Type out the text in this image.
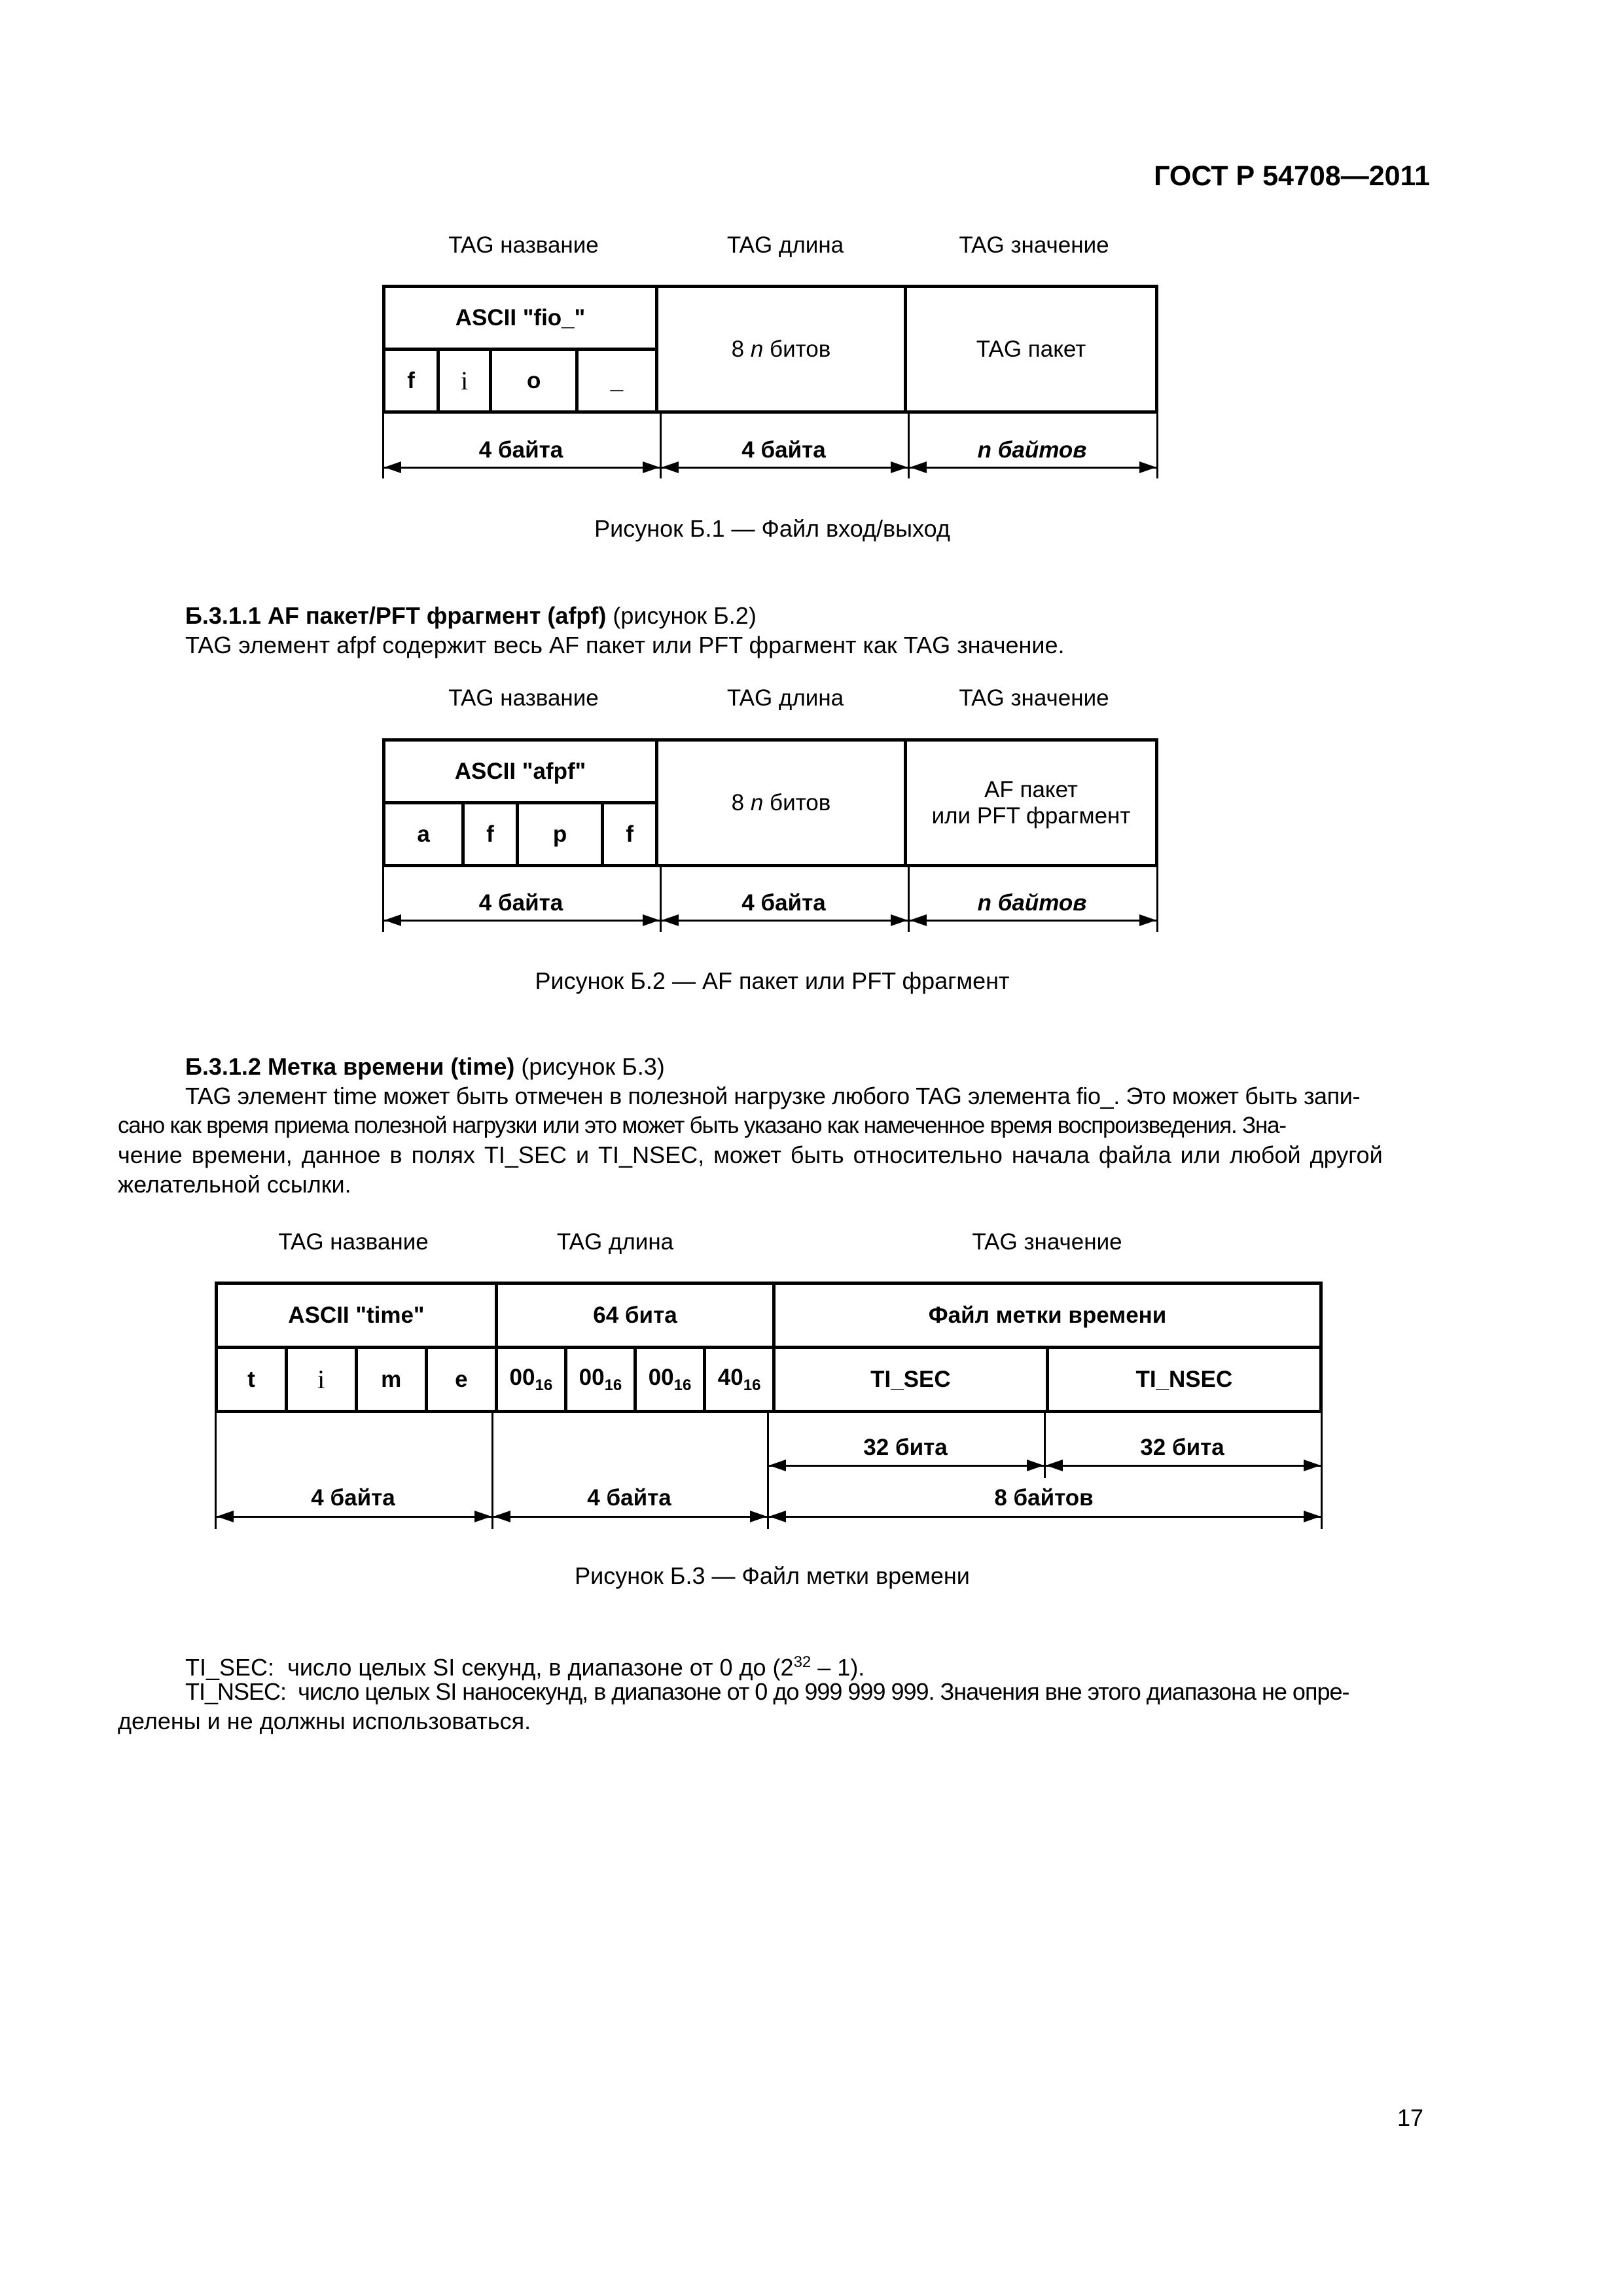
ГОСТ Р 54708—2011
TAG название	TAG длина	TAG значение
ASCII "fio_"				8 n битов	TAG пакет
f	i	o	_		
4 байта	4 байта	n байтов
Рисунок Б.1 — Файл вход/выход
Б.3.1.1 AF пакет/PFT фрагмент (afpf) (рисунок Б.2)
TAG элемент afpf содержит весь AF пакет или PFT фрагмент как TAG значение.
TAG название	TAG длина	TAG значение
ASCII "afpf"				8 n битов	AF пакет
или PFT фрагмент

a	f	p	f		
4 байта	4 байта	n байтов
Рисунок Б.2 — AF пакет или PFT фрагмент
Б.3.1.2 Метка времени (time) (рисунок Б.3)
TAG элемент time может быть отмечен в полезной нагрузке любого TAG элемента fio_. Это может быть запи-
сано как время приема полезной нагрузки или это может быть указано как намеченное время воспроизведения. Зна-
чение времени, данное в полях TI_SEC и TI_NSEC, может быть относительно начала файла или любой другой
желательной ссылки.
TAG название	TAG длина	TAG значение
ASCII "time"				64 бита				Файл метки времени	
t	i	m	e	$00_{16}$	$00_{16}$	$00_{16}$	$40_{16}$	TI_SEC	TI_NSEC
32 бита	32 бита
4 байта	4 байта	8 байтов
Рисунок Б.3 — Файл метки времени
TI_SEC: число целых SI секунд, в диапазоне от 0 до $(2^{32} - 1)$.
TI_NSEC: число целых SI наносекунд, в диапазоне от 0 до 999 999 999. Значения вне этого диапазона не опре-
делены и не должны использоваться.
17
